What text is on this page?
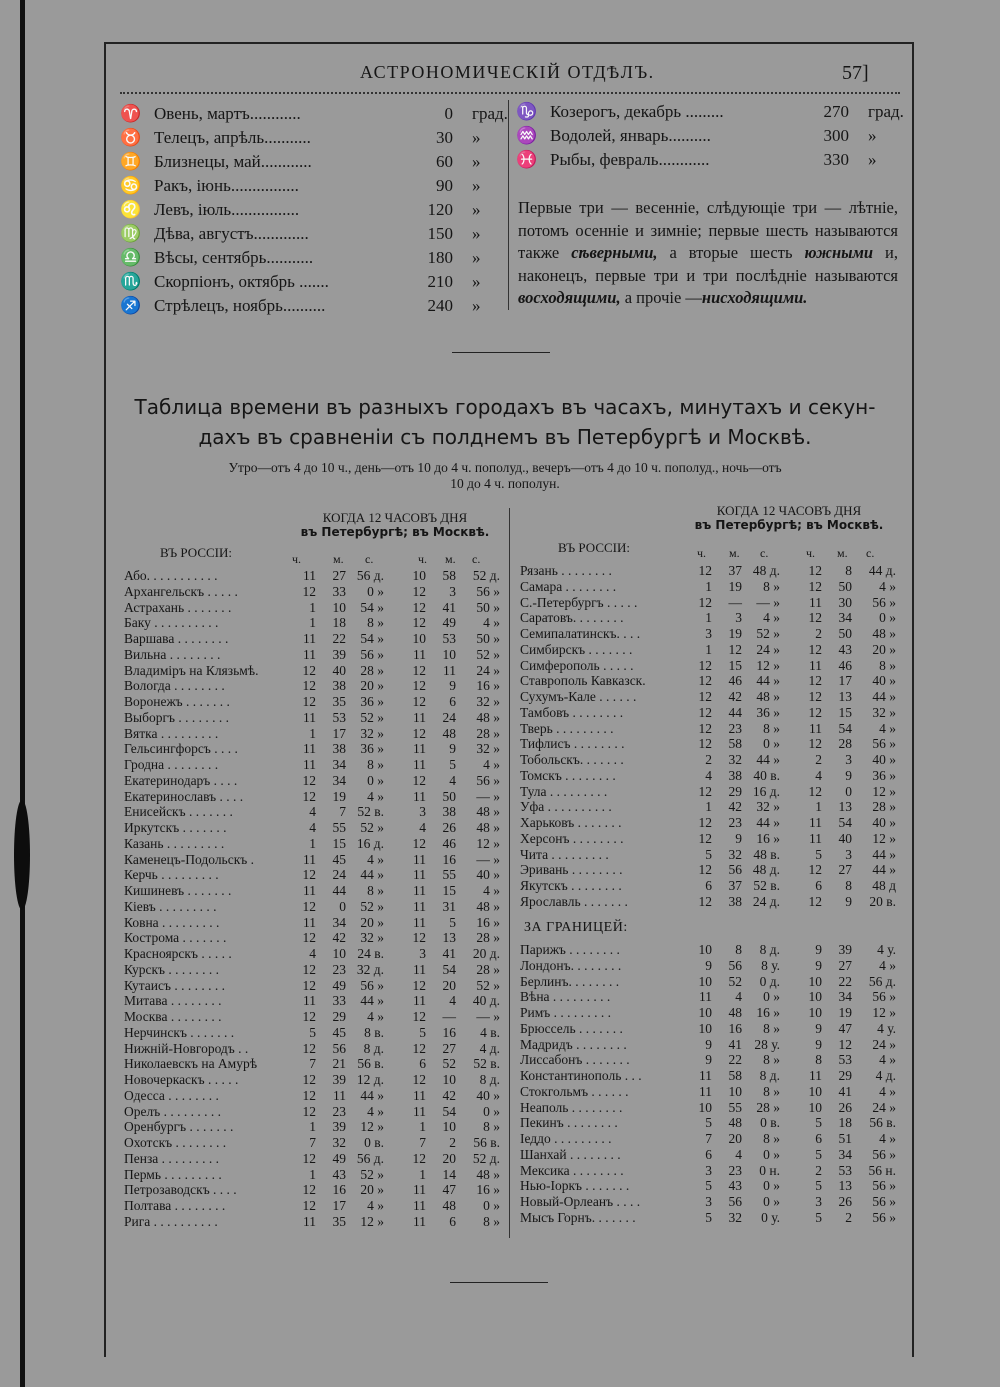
АСТРОНОМИЧЕСКІЙ ОТДѢЛЪ.	57]
♈ Овень, мартъ............	0 град.
♉ Телецъ, апрѣль...........	30 »
♊ Близнецы, май............	60 »
♋ Ракъ, іюнь................	90 »
♌ Левъ, іюль................	120 »
♍ Дѣва, августъ.............	150 »
♎ Вѣсы, сентябрь...........	180 »
♏ Скорпіонъ, октябрь .......	210 »
♐ Стрѣлецъ, ноябрь..........	240 »
♑ Козерогъ, декабрь .........	270 град.
♒ Водолей, январь..........	300 »
♓ Рыбы, февраль............	330 »
Первые три — весенніе, слѣдующіе три — лѣтніе, потомъ осенніе и зимніе; первые шесть называются также сѣверными, а вторые шесть южными и, наконецъ, первые три и три послѣдніе называются восходящими, а прочіе —нисходящими.
Таблица времени въ разныхъ городахъ въ часахъ, минутахъ и секун-
дахъ въ сравненіи съ полднемъ въ Петербургѣ и Москвѣ.
Утро—отъ 4 до 10 ч., день—отъ 10 до 4 ч. пополуд., вечеръ—отъ 4 до 10 ч. пополуд., ночь—отъ
10 до 4 ч. пополун.
КОГДА 12 ЧАСОВЪ ДНЯ
въ Петербургѣ; въ Москвѣ.
ВЪ РОССІИ:	ч.	м. с.	ч. м. с.
КОГДА 12 ЧАСОВЪ ДНЯ
въ Петербургѣ; въ Москвѣ.
ВЪ РОССІИ:	ч. м. с.	ч. м. с.
Або. . . . . . . . . . .	11 27 56 д. 10 58 52 д.
Архангельскъ . . . . .	12 33 0 » 12 3 56 »
Астрахань . . . . . . .	1 10 54 » 12 41 50 »
Баку . . . . . . . . . .	1 18 8 » 12 49 4 »
Варшава . . . . . . . .	11 22 54 » 10 53 50 »
Вильна . . . . . . . .	11 39 56 » 11 10 52 »
Владиміръ на Клязьмѣ.	12 40 28 » 12 11 24 »
Вологда . . . . . . . .	12 38 20 » 12 9 16 »
Воронежъ . . . . . . .	12 35 36 » 12 6 32 »
Выборгъ . . . . . . . .	11 53 52 » 11 24 48 »
Вятка . . . . . . . . .	1 17 32 » 12 48 28 »
Гельсингфорсъ . . . .	11 38 36 » 11 9 32 »
Гродна . . . . . . . .	11 34 8 » 11 5 4 »
Екатеринодаръ . . . .	12 34 0 » 12 4 56 »
Екатеринославъ . . . .	12 19 4 » 11 50 — »
Енисейскъ . . . . . . .	4 7 52 в.	3 38 48 »
Иркутскъ . . . . . . .	4 55 52 »	4 26 48 »
Казань . . . . . . . . .	1 15 16 д. 12 46 12 »
Каменецъ-Подольскъ .	11 45 4 » 11 16 — »
Керчь . . . . . . . . .	12 24 44 » 11 55 40 »
Кишиневъ . . . . . . .	11 44 8 » 11 15 4 »
Кіевъ . . . . . . . . .	12 0 52 » 11 31 48 »
Ковна . . . . . . . . .	11 34 20 » 11 5 16 »
Кострома . . . . . . .	12 42 32 » 12 13 28 »
Красноярскъ . . . . .	4 10 24 в.	3 41 20 д.
Курскъ . . . . . . . .	12 23 32 д. 11 54 28 »
Кутаисъ . . . . . . . .	12 49 56 » 12 20 52 »
Митава . . . . . . . .	11 33 44 » 11 4 40 д.
Москва . . . . . . . .	12 29 4 » 12 — — »
Нерчинскъ . . . . . . .	5 45 8 в.	5 16 4 в.
Нижній-Новгородъ . .	12 56 8 д. 12 27 4 д.
Николаевскъ на Амурѣ	7 21 56 в.	6 52 52 в.
Новочеркаскъ . . . . .	12 39 12 д. 12 10 8 д.
Одесса . . . . . . . .	12 11 44 » 11 42 40 »
Орелъ . . . . . . . . .	12 23 4 » 11 54 0 »
Оренбургъ . . . . . . .	1 39 12 »	1 10 8 »
Охотскъ . . . . . . . .	7 32 0 в.	7 2 56 в.
Пенза . . . . . . . . .	12 49 56 д. 12 20 52 д.
Пермь . . . . . . . . .	1 43 52 »	1 14 48 »
Петрозаводскъ . . . .	12 16 20 » 11 47 16 »
Полтава . . . . . . . .	12 17 4 » 11 48 0 »
Рига . . . . . . . . . .	11 35 12 » 11 6 8 »
Рязань . . . . . . . .	12 37 48 д. 12 8 44 д.
Самара . . . . . . . .	1 19 8 » 12 50 4 »
С.-Петербургъ . . . . .	12 — — » 11 30 56 »
Саратовъ. . . . . . . .	1 3 4 » 12 34 0 »
Семипалатинскъ. . . .	3 19 52 »	2 50 48 »
Симбирскъ . . . . . . .	1 12 24 » 12 43 20 »
Симферополь . . . . .	12 15 12 » 11 46 8 »
Ставрополь Кавказск.	12 46 44 » 12 17 40 »
Сухумъ-Кале . . . . . .	12 42 48 » 12 13 44 »
Тамбовъ . . . . . . . .	12 44 36 » 12 15 32 »
Тверь . . . . . . . . .	12 23 8 » 11 54 4 »
Тифлисъ . . . . . . . .	12 58 0 » 12 28 56 »
Тобольскъ. . . . . . .	2 32 44 »	2 3 40 »
Томскъ . . . . . . . .	4 38 40 в.	4 9 36 »
Тула . . . . . . . . .	12 29 16 д. 12 0 12 »
Уфа . . . . . . . . . .	1 42 32 »	1 13 28 »
Харьковъ . . . . . . .	12 23 44 » 11 54 40 »
Херсонъ . . . . . . . .	12 9 16 » 11 40 12 »
Чита . . . . . . . . .	5 32 48 в.	5 3 44 »
Эривань . . . . . . . .	12 56 48 д. 12 27 44 »
Якутскъ . . . . . . . .	6 37 52 в.	6 8 48 д
Ярославль . . . . . . .	12 38 24 д. 12 9 20 в.
ЗА ГРАНИЦЕЙ:
Парижъ . . . . . . . .	10 8 8 д.	9 39 4 у.
Лондонъ. . . . . . . .	9 56 8 у.	9 27 4 »
Берлинъ. . . . . . . .	10 52 0 д. 10 22 56 д.
Вѣна . . . . . . . . .	11 4 0 » 10 34 56 »
Римъ . . . . . . . . .	10 48 16 » 10 19 12 »
Брюссель . . . . . . .	10 16 8 »	9 47 4 у.
Мадридъ . . . . . . . .	9 41 28 у.	9 12 24 »
Лиссабонъ . . . . . . .	9 22 8 »	8 53 4 »
Константинополь . . .	11 58 8 д. 11 29 4 д.
Стокгольмъ . . . . . .	11 10 8 » 10 41 4 »
Неаполь . . . . . . . .	10 55 28 » 10 26 24 »
Пекинъ . . . . . . . .	5 48 0 в.	5 18 56 в.
Іеддо . . . . . . . . .	7 20 8 »	6 51 4 »
Шанхай . . . . . . . .	6 4 0 »	5 34 56 »
Мексика . . . . . . . .	3 23 0 н.	2 53 56 н.
Нью-Іоркъ . . . . . . .	5 43 0 »	5 13 56 »
Новый-Орлеанъ . . . .	3 56 0 »	3 26 56 »
Мысъ Горнъ. . . . . . .	5 32 0 у.	5 2 56 »
